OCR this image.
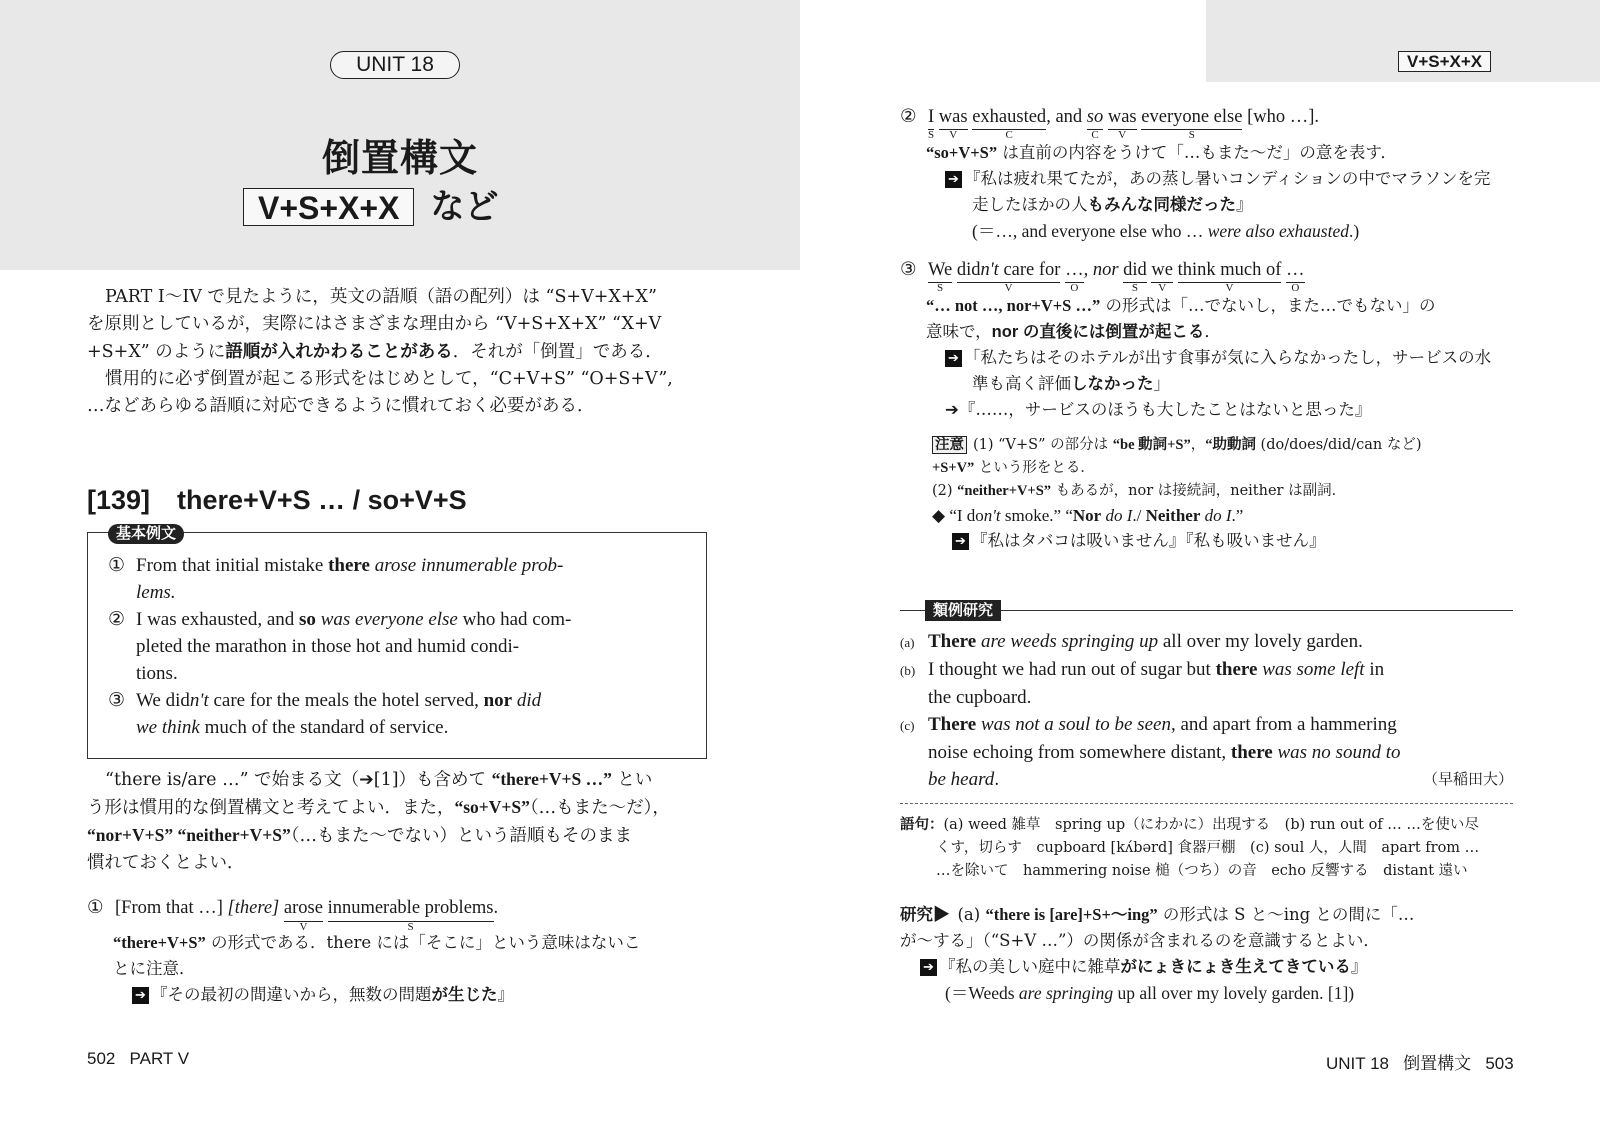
UNIT 18
倒置構文
V+S+X+X など
V+S+X+X
PART I〜IV で見たように，英文の語順（語の配列）は “S+V+X+X”
を原則としているが，実際にはさまざまな理由から “V+S+X+X” “X+V
+S+X” のように語順が入れかわることがある．それが「倒置」である．
慣用的に必ず倒置が起こる形式をはじめとして，“C+V+S” “O+S+V”,
…などあらゆる語順に対応できるように慣れておく必要がある．
[139]　there+V+S … / so+V+S
基本例文
① From that initial mistake there arose innumerable prob-
lems.
② I was exhausted, and so was everyone else who had com-
pleted the marathon in those hot and humid condi-
tions.
③ We didn't care for the meals the hotel served, nor did
we think much of the standard of service.
“there is/are …” で始まる文（➔[1]）も含めて “there+V+S …” とい
う形は慣用的な倒置構文と考えてよい．また，“so+V+S”（…もまた〜だ），
“nor+V+S” “neither+V+S”（…もまた〜でない）という語順もそのまま
慣れておくとよい．
① [From that …] [there] arose
V
innumerable problems
S
.
“there+V+S” の形式である．there には「そこに」という意味はないこ
とに注意．
➔ 『その最初の間違いから，無数の問題が生じた』
502 PART V
② I
S
was
V
exhausted
C
, and so
C
was
V
everyone else
S
[who …].
“so+V+S” は直前の内容をうけて「…もまた〜だ」の意を表す．
➔ 『私は疲れ果てたが，あの蒸し暑いコンディションの中でマラソンを完
走したほかの人もみんな同様だった』
(＝…, and everyone else who … were also exhausted.)
③ We
S
didn't care for
V
…
O
, nor did
S
we
V
think much of
V
…
O
“… not …, nor+V+S …” の形式は「…でないし，また…でもない」の
意味で，nor の直後には倒置が起こる．
➔ 「私たちはそのホテルが出す食事が気に入らなかったし，サービスの水
準も高く評価しなかった」
➔『……，サービスのほうも大したことはないと思った』
注意 (1) “V+S” の部分は “be 動詞+S”，“助動詞 (do/does/did/can など)
+S+V” という形をとる．
(2) “neither+V+S” もあるが，nor は接続詞，neither は副詞．
◆ “I don't smoke.” “Nor do I./ Neither do I.”
➔ 『私はタバコは吸いません』『私も吸いません』
類例研究
(a) There are weeds springing up all over my lovely garden.
(b) I thought we had run out of sugar but there was some left in
the cupboard.
(c) There was not a soul to be seen, and apart from a hammering
noise echoing from somewhere distant, there was no sound to
be heard.	（早稲田大）
語句：(a) weed 雑草　spring up（にわかに）出現する　(b) run out of … …を使い尽
くす，切らす　cupboard [kʌ́bərd] 食器戸棚　(c) soul 人，人間　apart from …
…を除いて　hammering noise 槌（つち）の音　echo 反響する　distant 遠い
研究▶ (a) “there is [are]+S+〜ing” の形式は S と〜ing との間に「…
が〜する」（“S+V …”）の関係が含まれるのを意識するとよい．
➔ 『私の美しい庭中に雑草がにょきにょき生えてきている』
(＝Weeds are springing up all over my lovely garden. [1])
UNIT 18 倒置構文 503
